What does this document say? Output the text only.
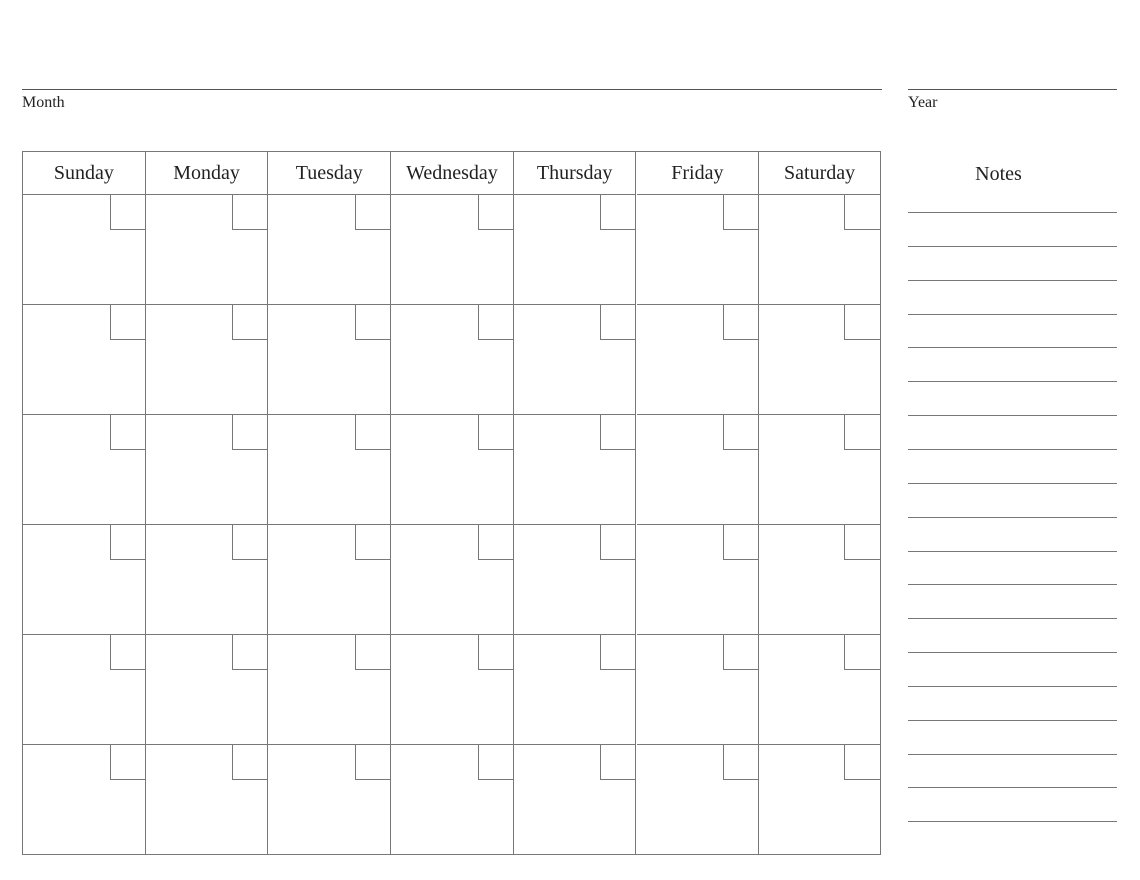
Month	Year
Sunday	Monday	Tuesday	Wednesday	Thursday	Friday	Saturday	Notes
